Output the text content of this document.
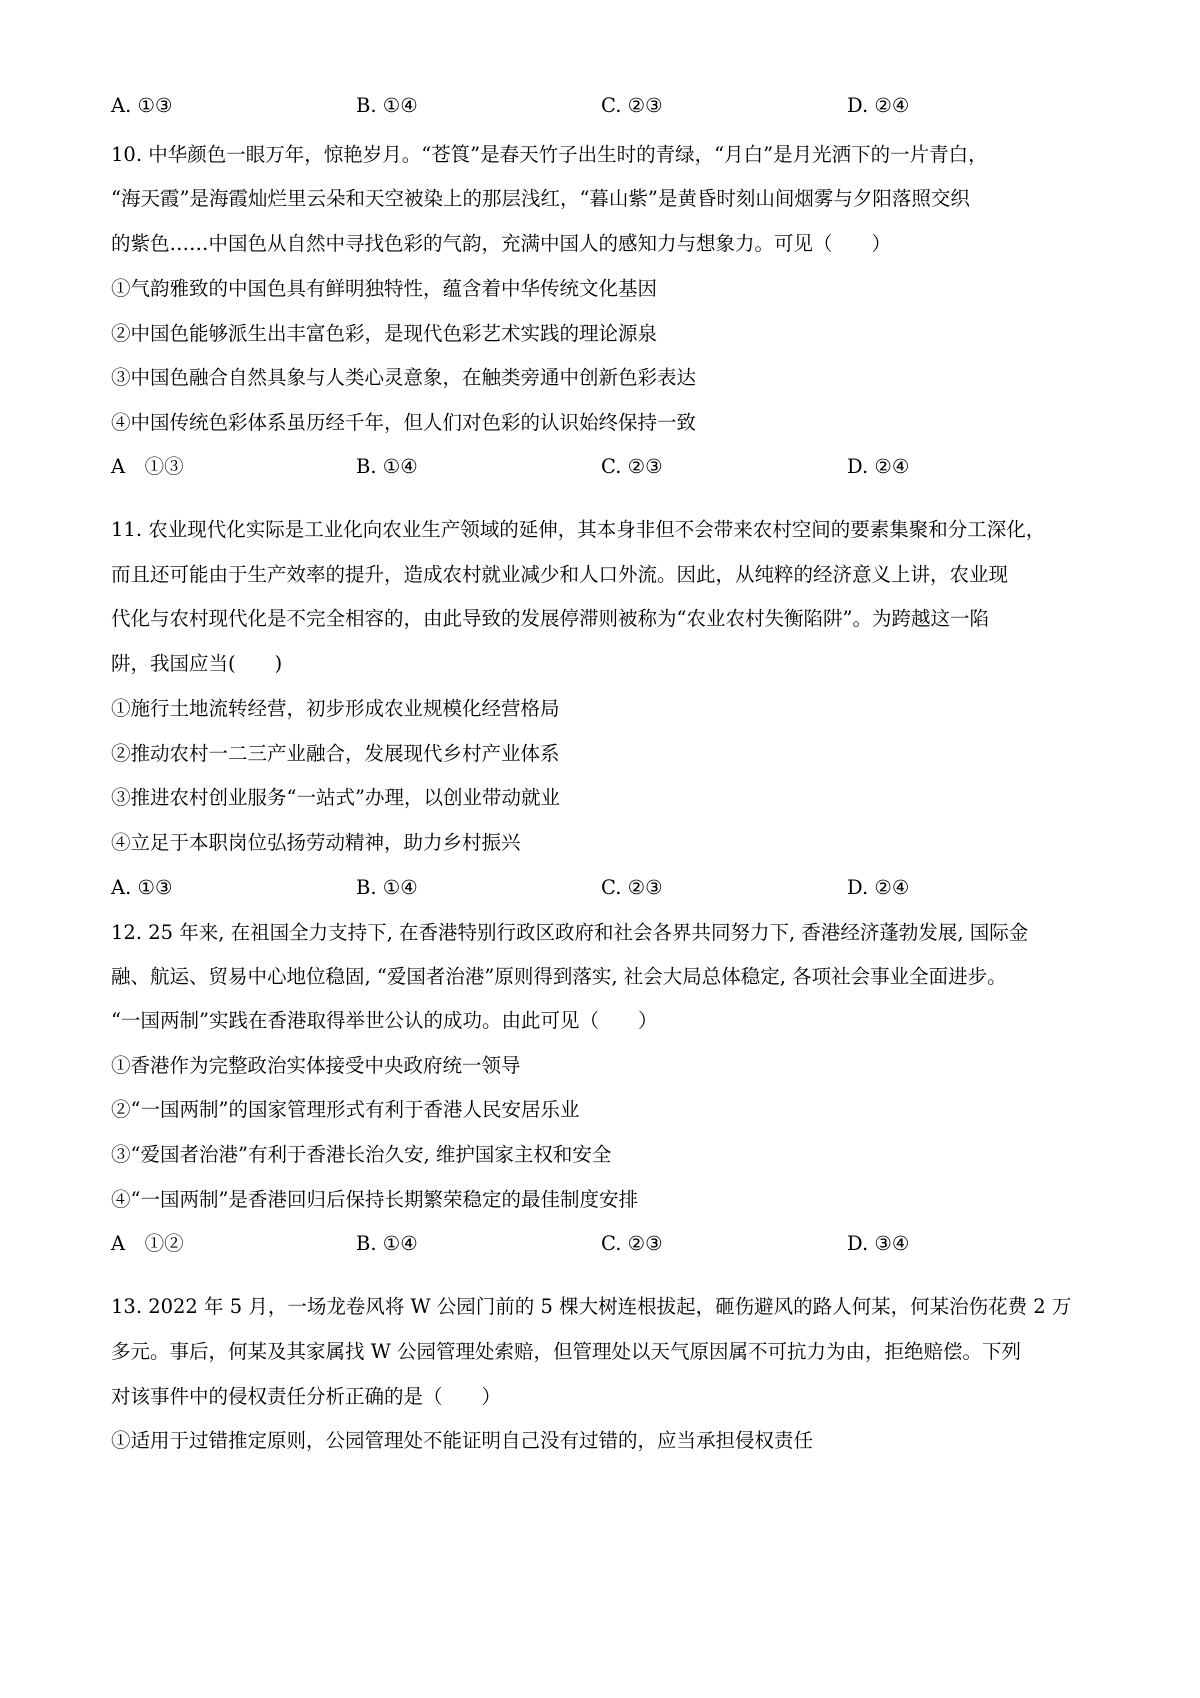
A. ①③	B. ①④	C. ②③	D. ②④
10. 中华颜色一眼万年，惊艳岁月。“苍筤”是春天竹子出生时的青绿，“月白”是月光洒下的一片青白，
“海天霞”是海霞灿烂里云朵和天空被染上的那层浅红，“暮山紫”是黄昏时刻山间烟雾与夕阳落照交织
的紫色……中国色从自然中寻找色彩的气韵，充满中国人的感知力与想象力。可见（　　）
①气韵雅致的中国色具有鲜明独特性，蕴含着中华传统文化基因
②中国色能够派生出丰富色彩，是现代色彩艺术实践的理论源泉
③中国色融合自然具象与人类心灵意象，在触类旁通中创新色彩表达
④中国传统色彩体系虽历经千年，但人们对色彩的认识始终保持一致
A　①③	B. ①④	C. ②③	D. ②④
11. 农业现代化实际是工业化向农业生产领域的延伸，其本身非但不会带来农村空间的要素集聚和分工深化，
而且还可能由于生产效率的提升，造成农村就业减少和人口外流。因此，从纯粹的经济意义上讲，农业现
代化与农村现代化是不完全相容的，由此导致的发展停滞则被称为“农业农村失衡陷阱”。为跨越这一陷
阱，我国应当(　　)
①施行土地流转经营，初步形成农业规模化经营格局
②推动农村一二三产业融合，发展现代乡村产业体系
③推进农村创业服务“一站式”办理，以创业带动就业
④立足于本职岗位弘扬劳动精神，助力乡村振兴
A. ①③	B. ①④	C. ②③	D. ②④
12. 25 年来, 在祖国全力支持下, 在香港特别行政区政府和社会各界共同努力下, 香港经济蓬勃发展, 国际金
融、航运、贸易中心地位稳固, “爱国者治港”原则得到落实, 社会大局总体稳定, 各项社会事业全面进步。
“一国两制”实践在香港取得举世公认的成功。由此可见（　　）
①香港作为完整政治实体接受中央政府统一领导
②“一国两制”的国家管理形式有利于香港人民安居乐业
③“爱国者治港”有利于香港长治久安, 维护国家主权和安全
④“一国两制”是香港回归后保持长期繁荣稳定的最佳制度安排
A　①②	B. ①④	C. ②③	D. ③④
13. 2022 年 5 月，一场龙卷风将 W 公园门前的 5 棵大树连根拔起，砸伤避风的路人何某，何某治伤花费 2 万
多元。事后，何某及其家属找 W 公园管理处索赔，但管理处以天气原因属不可抗力为由，拒绝赔偿。下列
对该事件中的侵权责任分析正确的是（　　）
①适用于过错推定原则，公园管理处不能证明自己没有过错的，应当承担侵权责任
